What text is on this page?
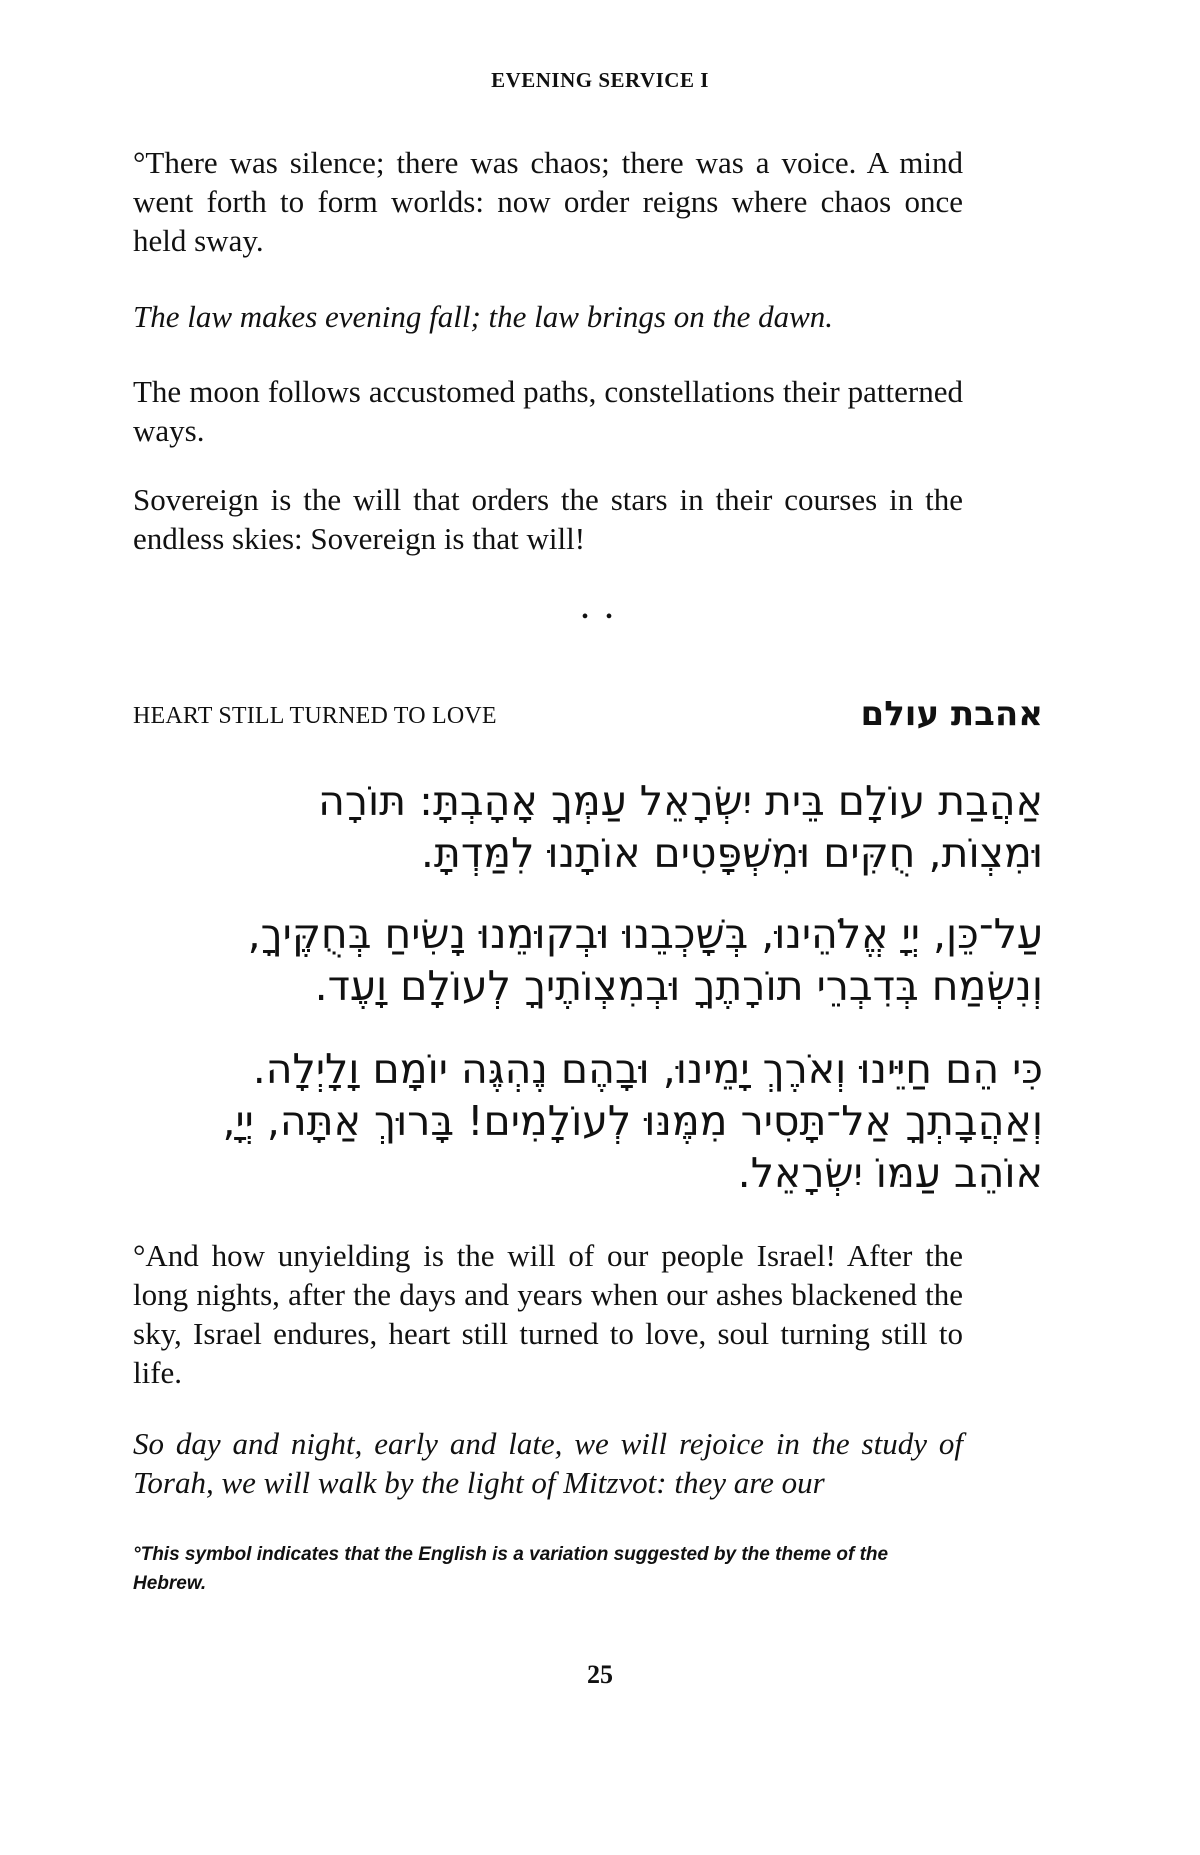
EVENING SERVICE I

°There was silence; there was chaos; there was a voice. A mind went forth to form worlds: now order reigns where chaos once held sway.

The law makes evening fall; the law brings on the dawn.

The moon follows accustomed paths, constellations their patterned ways.

Sovereign is the will that orders the stars in their courses in the endless skies: Sovereign is that will!

• •
HEART STILL TURNED TO LOVE	אהבת עולם
אַהֲבַת עוֹלָם בֵּית יִשְׂרָאֵל עַמְּךָ אָהָבְתָּ: תּוֹרָה
וּמִצְוֹת, חֻקִּים וּמִשְׁפָּטִים אוֹתָנוּ לִמַּדְתָּ.
עַל־כֵּן, יְיָ אֱלֹהֵינוּ, בְּשָׁכְבֵנוּ וּבְקוּמֵנוּ נָשִׂיחַ בְּחֻקֶּיךָ,
וְנִשְׂמַח בְּדִבְרֵי תוֹרָתֶךָ וּבְמִצְוֹתֶיךָ לְעוֹלָם וָעֶד.
כִּי הֵם חַיֵּינוּ וְאֹרֶךְ יָמֵינוּ, וּבָהֶם נֶהְגֶּה יוֹמָם וָלָיְלָה.
וְאַהֲבָתְךָ אַל־תָּסִיר מִמֶּנּוּ לְעוֹלָמִים! בָּרוּךְ אַתָּה, יְיָ,
אוֹהֵב עַמּוֹ יִשְׂרָאֵל.

°And how unyielding is the will of our people Israel! After the long nights, after the days and years when our ashes blackened the sky, Israel endures, heart still turned to love, soul turning still to life.

So day and night, early and late, we will rejoice in the study of Torah, we will walk by the light of Mitzvot: they are our

°This symbol indicates that the English is a variation suggested by the theme of the Hebrew.

25
